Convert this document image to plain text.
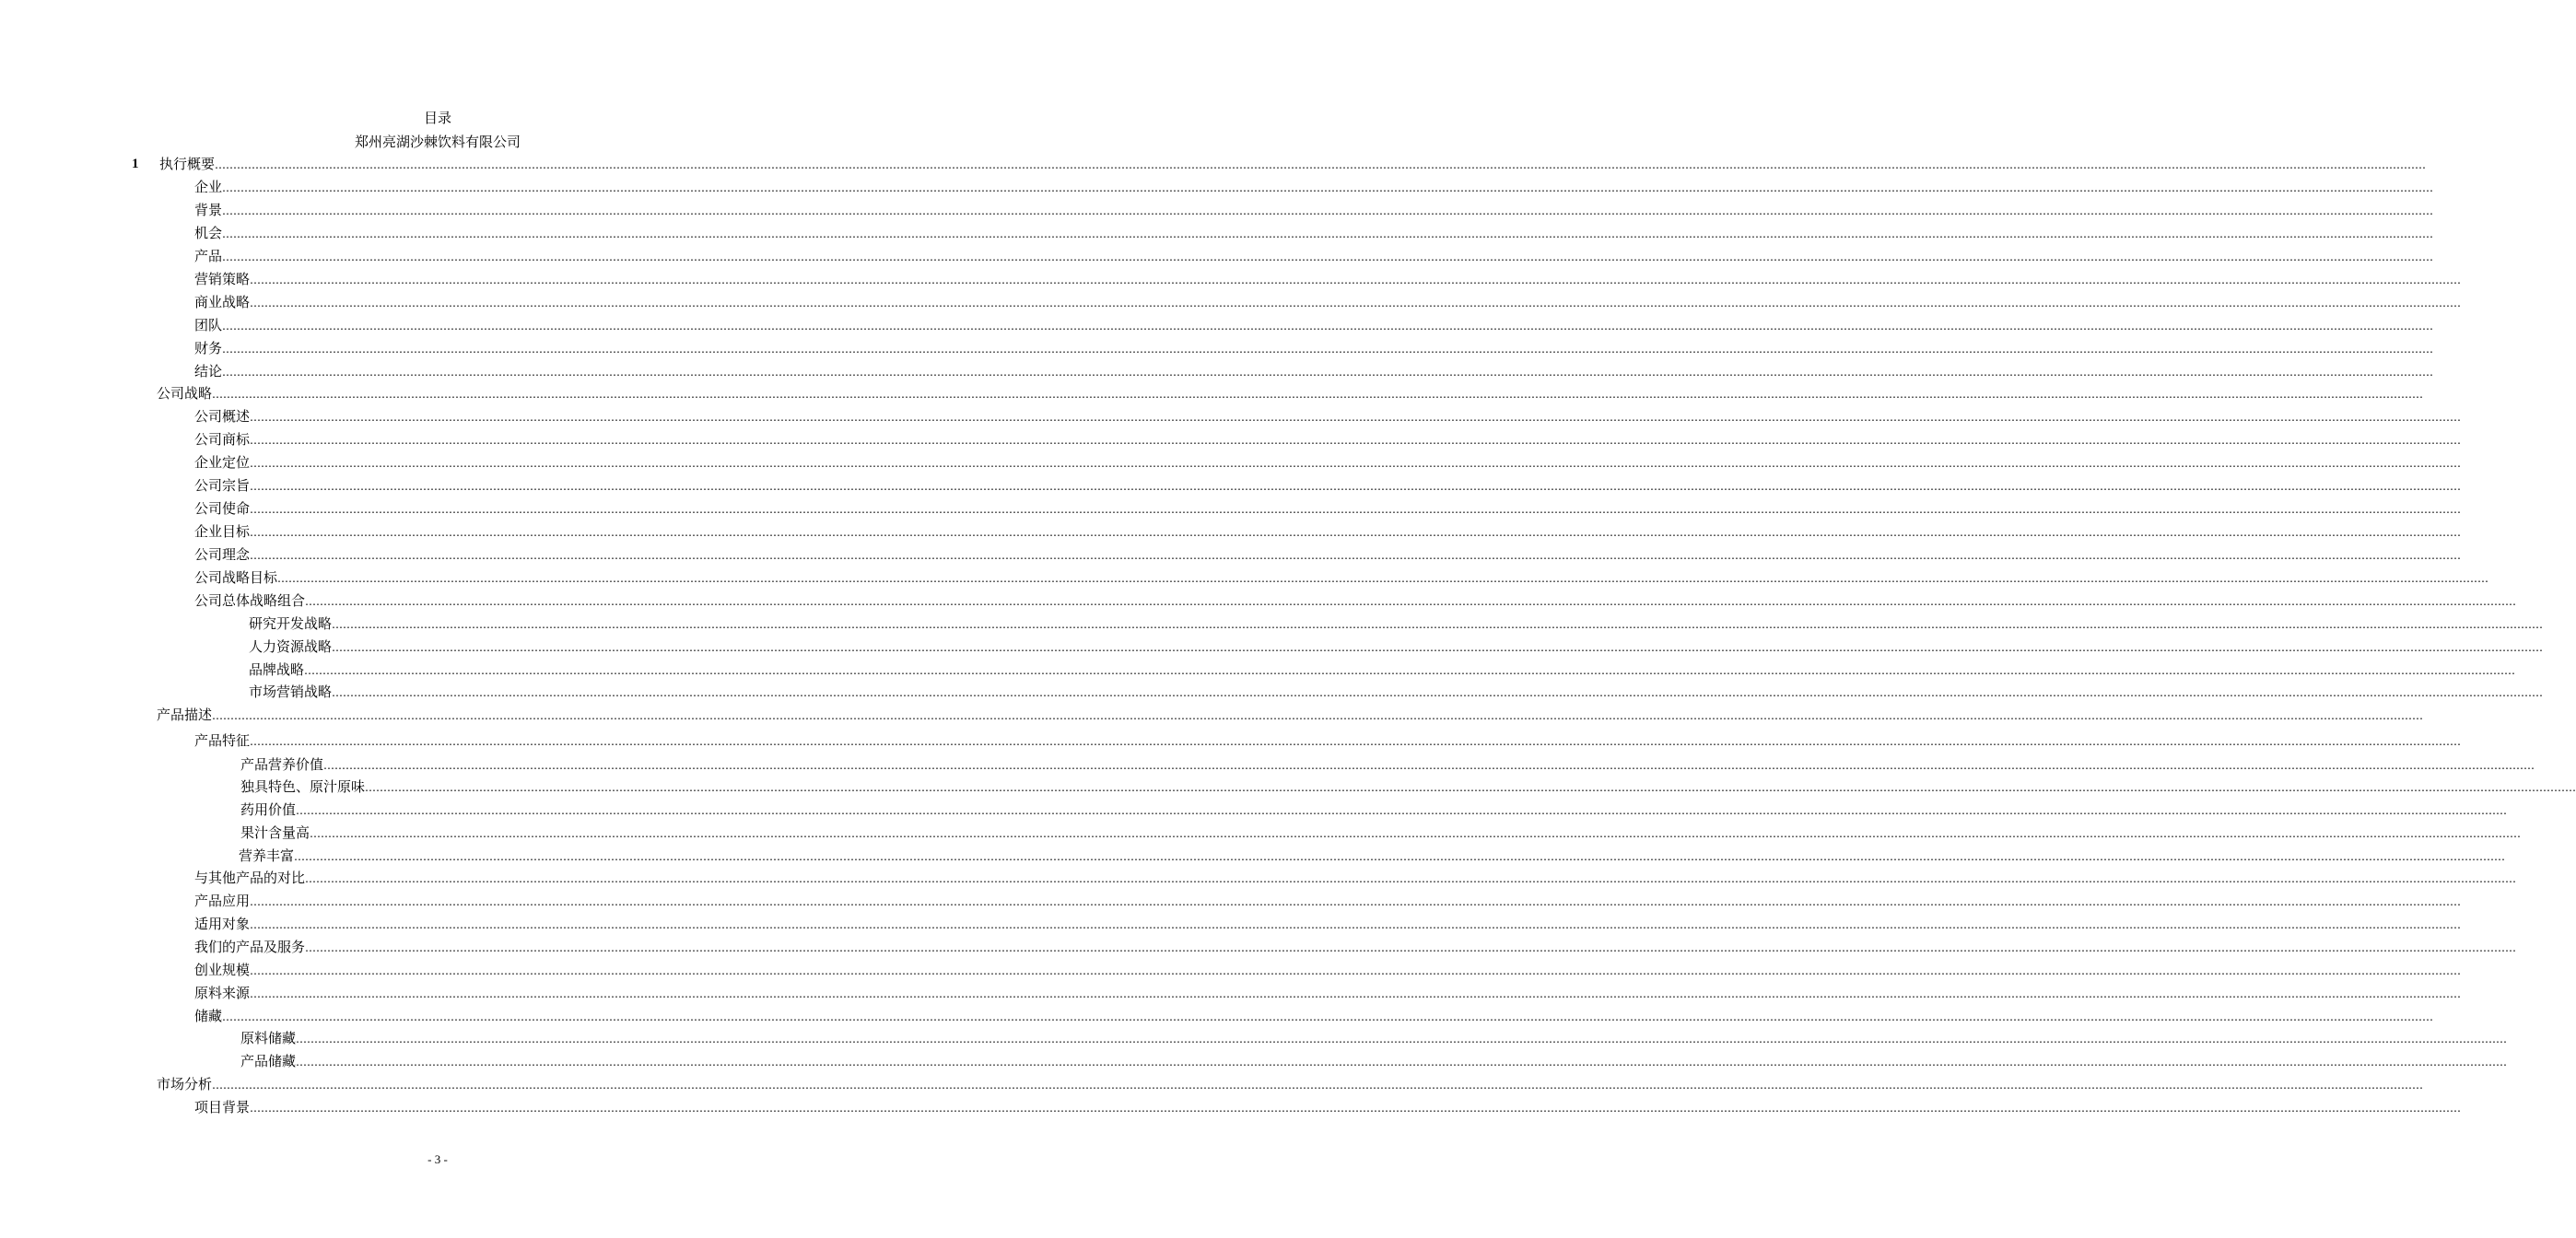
目录
郑州亮湖沙棘饮料有限公司
执行概要 ……………………………………………………………………………………………………………………………………………………………………………………………………………………………………………………………………………………………………………………………………………………………………………………………………………………………………………………………………………………………………………………………………………………
1
企业 ……………………………………………………………………………………………………………………………………………………………………………………………………………………………………………………………………………………………………………………………………………………………………………………………………………………………………………………………………………………………………………………………………………………
背景 ……………………………………………………………………………………………………………………………………………………………………………………………………………………………………………………………………………………………………………………………………………………………………………………………………………………………………………………………………………………………………………………………………………………
机会 ……………………………………………………………………………………………………………………………………………………………………………………………………………………………………………………………………………………………………………………………………………………………………………………………………………………………………………………………………………………………………………………………………………………
产品 ……………………………………………………………………………………………………………………………………………………………………………………………………………………………………………………………………………………………………………………………………………………………………………………………………………………………………………………………………………………………………………………………………………………
营销策略 ……………………………………………………………………………………………………………………………………………………………………………………………………………………………………………………………………………………………………………………………………………………………………………………………………………………………………………………………………………………………………………………………………………………
商业战略 ……………………………………………………………………………………………………………………………………………………………………………………………………………………………………………………………………………………………………………………………………………………………………………………………………………………………………………………………………………………………………………………………………………………
团队 ……………………………………………………………………………………………………………………………………………………………………………………………………………………………………………………………………………………………………………………………………………………………………………………………………………………………………………………………………………………………………………………………………………………
财务 ……………………………………………………………………………………………………………………………………………………………………………………………………………………………………………………………………………………………………………………………………………………………………………………………………………………………………………………………………………………………………………………………………………………
结论 ……………………………………………………………………………………………………………………………………………………………………………………………………………………………………………………………………………………………………………………………………………………………………………………………………………………………………………………………………………………………………………………………………………………
公司战略 ……………………………………………………………………………………………………………………………………………………………………………………………………………………………………………………………………………………………………………………………………………………………………………………………………………………………………………………………………………………………………………………………………………………
公司概述 ……………………………………………………………………………………………………………………………………………………………………………………………………………………………………………………………………………………………………………………………………………………………………………………………………………………………………………………………………………………………………………………………………………………
公司商标 ……………………………………………………………………………………………………………………………………………………………………………………………………………………………………………………………………………………………………………………………………………………………………………………………………………………………………………………………………………………………………………………………………………………
企业定位 ……………………………………………………………………………………………………………………………………………………………………………………………………………………………………………………………………………………………………………………………………………………………………………………………………………………………………………………………………………………………………………………………………………………
公司宗旨 ……………………………………………………………………………………………………………………………………………………………………………………………………………………………………………………………………………………………………………………………………………………………………………………………………………………………………………………………………………………………………………………………………………………
公司使命 ……………………………………………………………………………………………………………………………………………………………………………………………………………………………………………………………………………………………………………………………………………………………………………………………………………………………………………………………………………………………………………………………………………………
企业目标 ……………………………………………………………………………………………………………………………………………………………………………………………………………………………………………………………………………………………………………………………………………………………………………………………………………………………………………………………………………………………………………………………………………………
公司理念 ……………………………………………………………………………………………………………………………………………………………………………………………………………………………………………………………………………………………………………………………………………………………………………………………………………………………………………………………………………………………………………………………………………………
公司战略目标 ……………………………………………………………………………………………………………………………………………………………………………………………………………………………………………………………………………………………………………………………………………………………………………………………………………………………………………………………………………………………………………………………………………………
公司总体战略组合 ……………………………………………………………………………………………………………………………………………………………………………………………………………………………………………………………………………………………………………………………………………………………………………………………………………………………………………………………………………………………………………………………………………………
研究开发战略 ……………………………………………………………………………………………………………………………………………………………………………………………………………………………………………………………………………………………………………………………………………………………………………………………………………………………………………………………………………………………………………………………………………………
人力资源战略 ……………………………………………………………………………………………………………………………………………………………………………………………………………………………………………………………………………………………………………………………………………………………………………………………………………………………………………………………………………………………………………………………………………………
品牌战略 ……………………………………………………………………………………………………………………………………………………………………………………………………………………………………………………………………………………………………………………………………………………………………………………………………………………………………………………………………………………………………………………………………………………
市场营销战略 ……………………………………………………………………………………………………………………………………………………………………………………………………………………………………………………………………………………………………………………………………………………………………………………………………………………………………………………………………………………………………………………………………………………
产品描述 ……………………………………………………………………………………………………………………………………………………………………………………………………………………………………………………………………………………………………………………………………………………………………………………………………………………………………………………………………………………………………………………………………………………
产品特征 ……………………………………………………………………………………………………………………………………………………………………………………………………………………………………………………………………………………………………………………………………………………………………………………………………………………………………………………………………………………………………………………………………………………
产品营养价值 ……………………………………………………………………………………………………………………………………………………………………………………………………………………………………………………………………………………………………………………………………………………………………………………………………………………………………………………………………………………………………………………………………………………
独具特色、原汁原味 ……………………………………………………………………………………………………………………………………………………………………………………………………………………………………………………………………………………………………………………………………………………………………………………………………………………………………………………………………………………………………………………………………………………
药用价值 ……………………………………………………………………………………………………………………………………………………………………………………………………………………………………………………………………………………………………………………………………………………………………………………………………………………………………………………………………………………………………………………………………………………
果汁含量高 ……………………………………………………………………………………………………………………………………………………………………………………………………………………………………………………………………………………………………………………………………………………………………………………………………………………………………………………………………………………………………………………………………………………
营养丰富 ……………………………………………………………………………………………………………………………………………………………………………………………………………………………………………………………………………………………………………………………………………………………………………………………………………………………………………………………………………………………………………………………………………………
与其他产品的对比 ……………………………………………………………………………………………………………………………………………………………………………………………………………………………………………………………………………………………………………………………………………………………………………………………………………………………………………………………………………………………………………………………………………………
产品应用 ……………………………………………………………………………………………………………………………………………………………………………………………………………………………………………………………………………………………………………………………………………………………………………………………………………………………………………………………………………………………………………………………………………………
适用对象 ……………………………………………………………………………………………………………………………………………………………………………………………………………………………………………………………………………………………………………………………………………………………………………………………………………………………………………………………………………………………………………………………………………………
我们的产品及服务 ……………………………………………………………………………………………………………………………………………………………………………………………………………………………………………………………………………………………………………………………………………………………………………………………………………………………………………………………………………………………………………………………………………………
创业规模 ……………………………………………………………………………………………………………………………………………………………………………………………………………………………………………………………………………………………………………………………………………………………………………………………………………………………………………………………………………………………………………………………………………………
原料来源 ……………………………………………………………………………………………………………………………………………………………………………………………………………………………………………………………………………………………………………………………………………………………………………………………………………………………………………………………………………………………………………………………………………………
储藏 ……………………………………………………………………………………………………………………………………………………………………………………………………………………………………………………………………………………………………………………………………………………………………………………………………………………………………………………………………………………………………………………………………………………
原料储藏 ……………………………………………………………………………………………………………………………………………………………………………………………………………………………………………………………………………………………………………………………………………………………………………………………………………………………………………………………………………………………………………………………………………………
产品储藏 ……………………………………………………………………………………………………………………………………………………………………………………………………………………………………………………………………………………………………………………………………………………………………………………………………………………………………………………………………………………………………………………………………………………
市场分析 ……………………………………………………………………………………………………………………………………………………………………………………………………………………………………………………………………………………………………………………………………………………………………………………………………………………………………………………………………………………………………………………………………………………
项目背景 ……………………………………………………………………………………………………………………………………………………………………………………………………………………………………………………………………………………………………………………………………………………………………………………………………………………………………………………………………………………………………………………………………………………
- 3 -
